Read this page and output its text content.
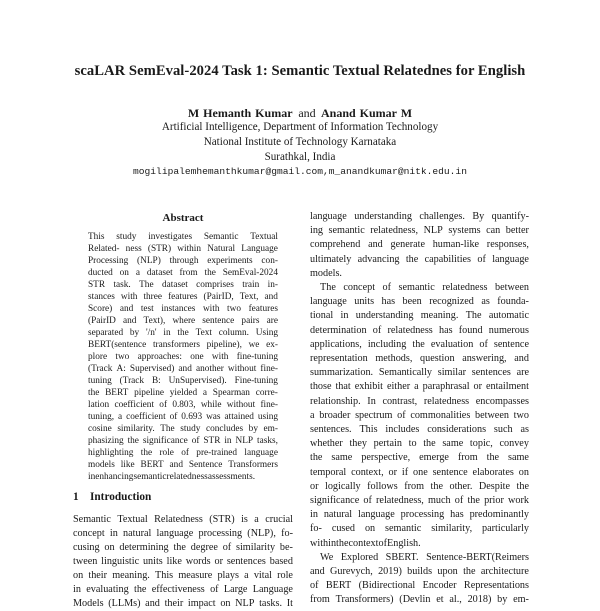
scaLAR SemEval-2024 Task 1: Semantic Textual Relatednes for English
M Hemanth Kumar and Anand Kumar M
Artificial Intelligence, Department of Information Technology
National Institute of Technology Karnataka
Surathkal, India
mogilipalemhemanthkumar@gmail.com,m_anandkumar@nitk.edu.in
Abstract
This study investigates Semantic Textual
Related- ness (STR) within Natural Language
Processing (NLP) through experiments con-
ducted on a dataset from the SemEval-2024
STR task. The dataset comprises train in-
stances with three features (PairID, Text, and
Score) and test instances with two features
(PairID and Text), where sentence pairs are
separated by '/n' in the Text column. Using
BERT(sentence transformers pipeline), we ex-
plore two approaches: one with fine-tuning
(Track A: Supervised) and another without fine-
tuning (Track B: UnSupervised). Fine-tuning
the BERT pipeline yielded a Spearman corre-
lation coefficient of 0.803, while without fine-
tuning, a coefficient of 0.693 was attained using
cosine similarity. The study concludes by em-
phasizing the significance of STR in NLP tasks,
highlighting the role of pre-trained language
models like BERT and Sentence Transformers
in enhancing semantic relatedness assessments.
1 Introduction
Semantic Textual Relatedness (STR) is a crucial
concept in natural language processing (NLP), fo-
cusing on determining the degree of similarity be-
tween linguistic units like words or sentences based
on their meaning. This measure plays a vital role
in evaluating the effectiveness of Large Language
Models (LLMs) and their impact on NLP tasks. It
language understanding challenges. By quantify-
ing semantic relatedness, NLP systems can better
comprehend and generate human-like responses,
ultimately advancing the capabilities of language
models.
The concept of semantic relatedness between
language units has been recognized as founda-
tional in understanding meaning. The automatic
determination of relatedness has found numerous
applications, including the evaluation of sentence
representation methods, question answering, and
summarization. Semantically similar sentences are
those that exhibit either a paraphrasal or entailment
relationship. In contrast, relatedness encompasses
a broader spectrum of commonalities between two
sentences. This includes considerations such as
whether they pertain to the same topic, convey
the same perspective, emerge from the same
temporal context, or if one sentence elaborates on
or logically follows from the other. Despite the
significance of relatedness, much of the prior work
in natural language processing has predominantly
fo- cused on semantic similarity, particularly
within the context of English.
We Explored SBERT. Sentence-BERT(Reimers
and Gurevych, 2019) builds upon the architecture
of BERT (Bidirectional Encoder Representations
from Transformers) (Devlin et al., 2018) by em-
